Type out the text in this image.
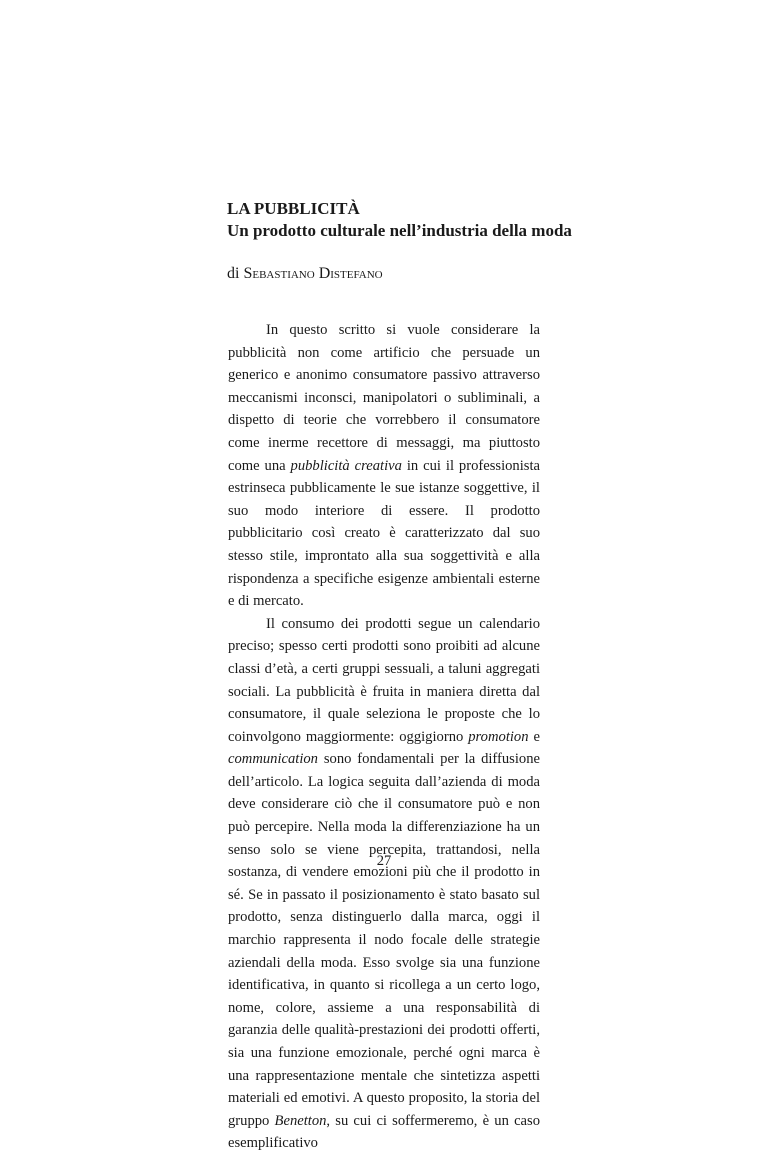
LA PUBBLICITÀ

Un prodotto culturale nell’industria della moda

di Sebastiano Distefano

In questo scritto si vuole considerare la pubblicità non come artificio che persuade un generico e anonimo consumatore passivo attraverso meccanismi inconsci, manipolatori o subliminali, a dispetto di teorie che vorrebbero il consumatore come inerme recettore di messaggi, ma piuttosto come una pubblicità creativa in cui il professionista estrinseca pubblicamente le sue istanze soggettive, il suo modo interiore di essere. Il prodotto pubblicitario così creato è caratterizzato dal suo stesso stile, improntato alla sua soggettività e alla rispondenza a specifiche esigenze ambientali esterne e di mercato.

Il consumo dei prodotti segue un calendario preciso; spesso certi prodotti sono proibiti ad alcune classi d’età, a certi gruppi sessuali, a taluni aggregati sociali. La pubblicità è fruita in maniera diretta dal consumatore, il quale seleziona le proposte che lo coinvolgono maggiormente: oggigiorno promotion e communication sono fondamentali per la diffusione dell’articolo. La logica seguita dall’azienda di moda deve considerare ciò che il consumatore può e non può percepire. Nella moda la differenziazione ha un senso solo se viene percepita, trattandosi, nella sostanza, di vendere emozioni più che il prodotto in sé. Se in passato il posizionamento è stato basato sul prodotto, senza distinguerlo dalla marca, oggi il marchio rappresenta il nodo focale delle strategie aziendali della moda. Esso svolge sia una funzione identificativa, in quanto si ricollega a un certo logo, nome, colore, assieme a una responsabilità di garanzia delle qualità-prestazioni dei prodotti offerti, sia una funzione emozionale, perché ogni marca è una rappresentazione mentale che sintetizza aspetti materiali ed emotivi. A questo proposito, la storia del gruppo Benetton, su cui ci soffermeremo, è un caso esemplificativo

27
